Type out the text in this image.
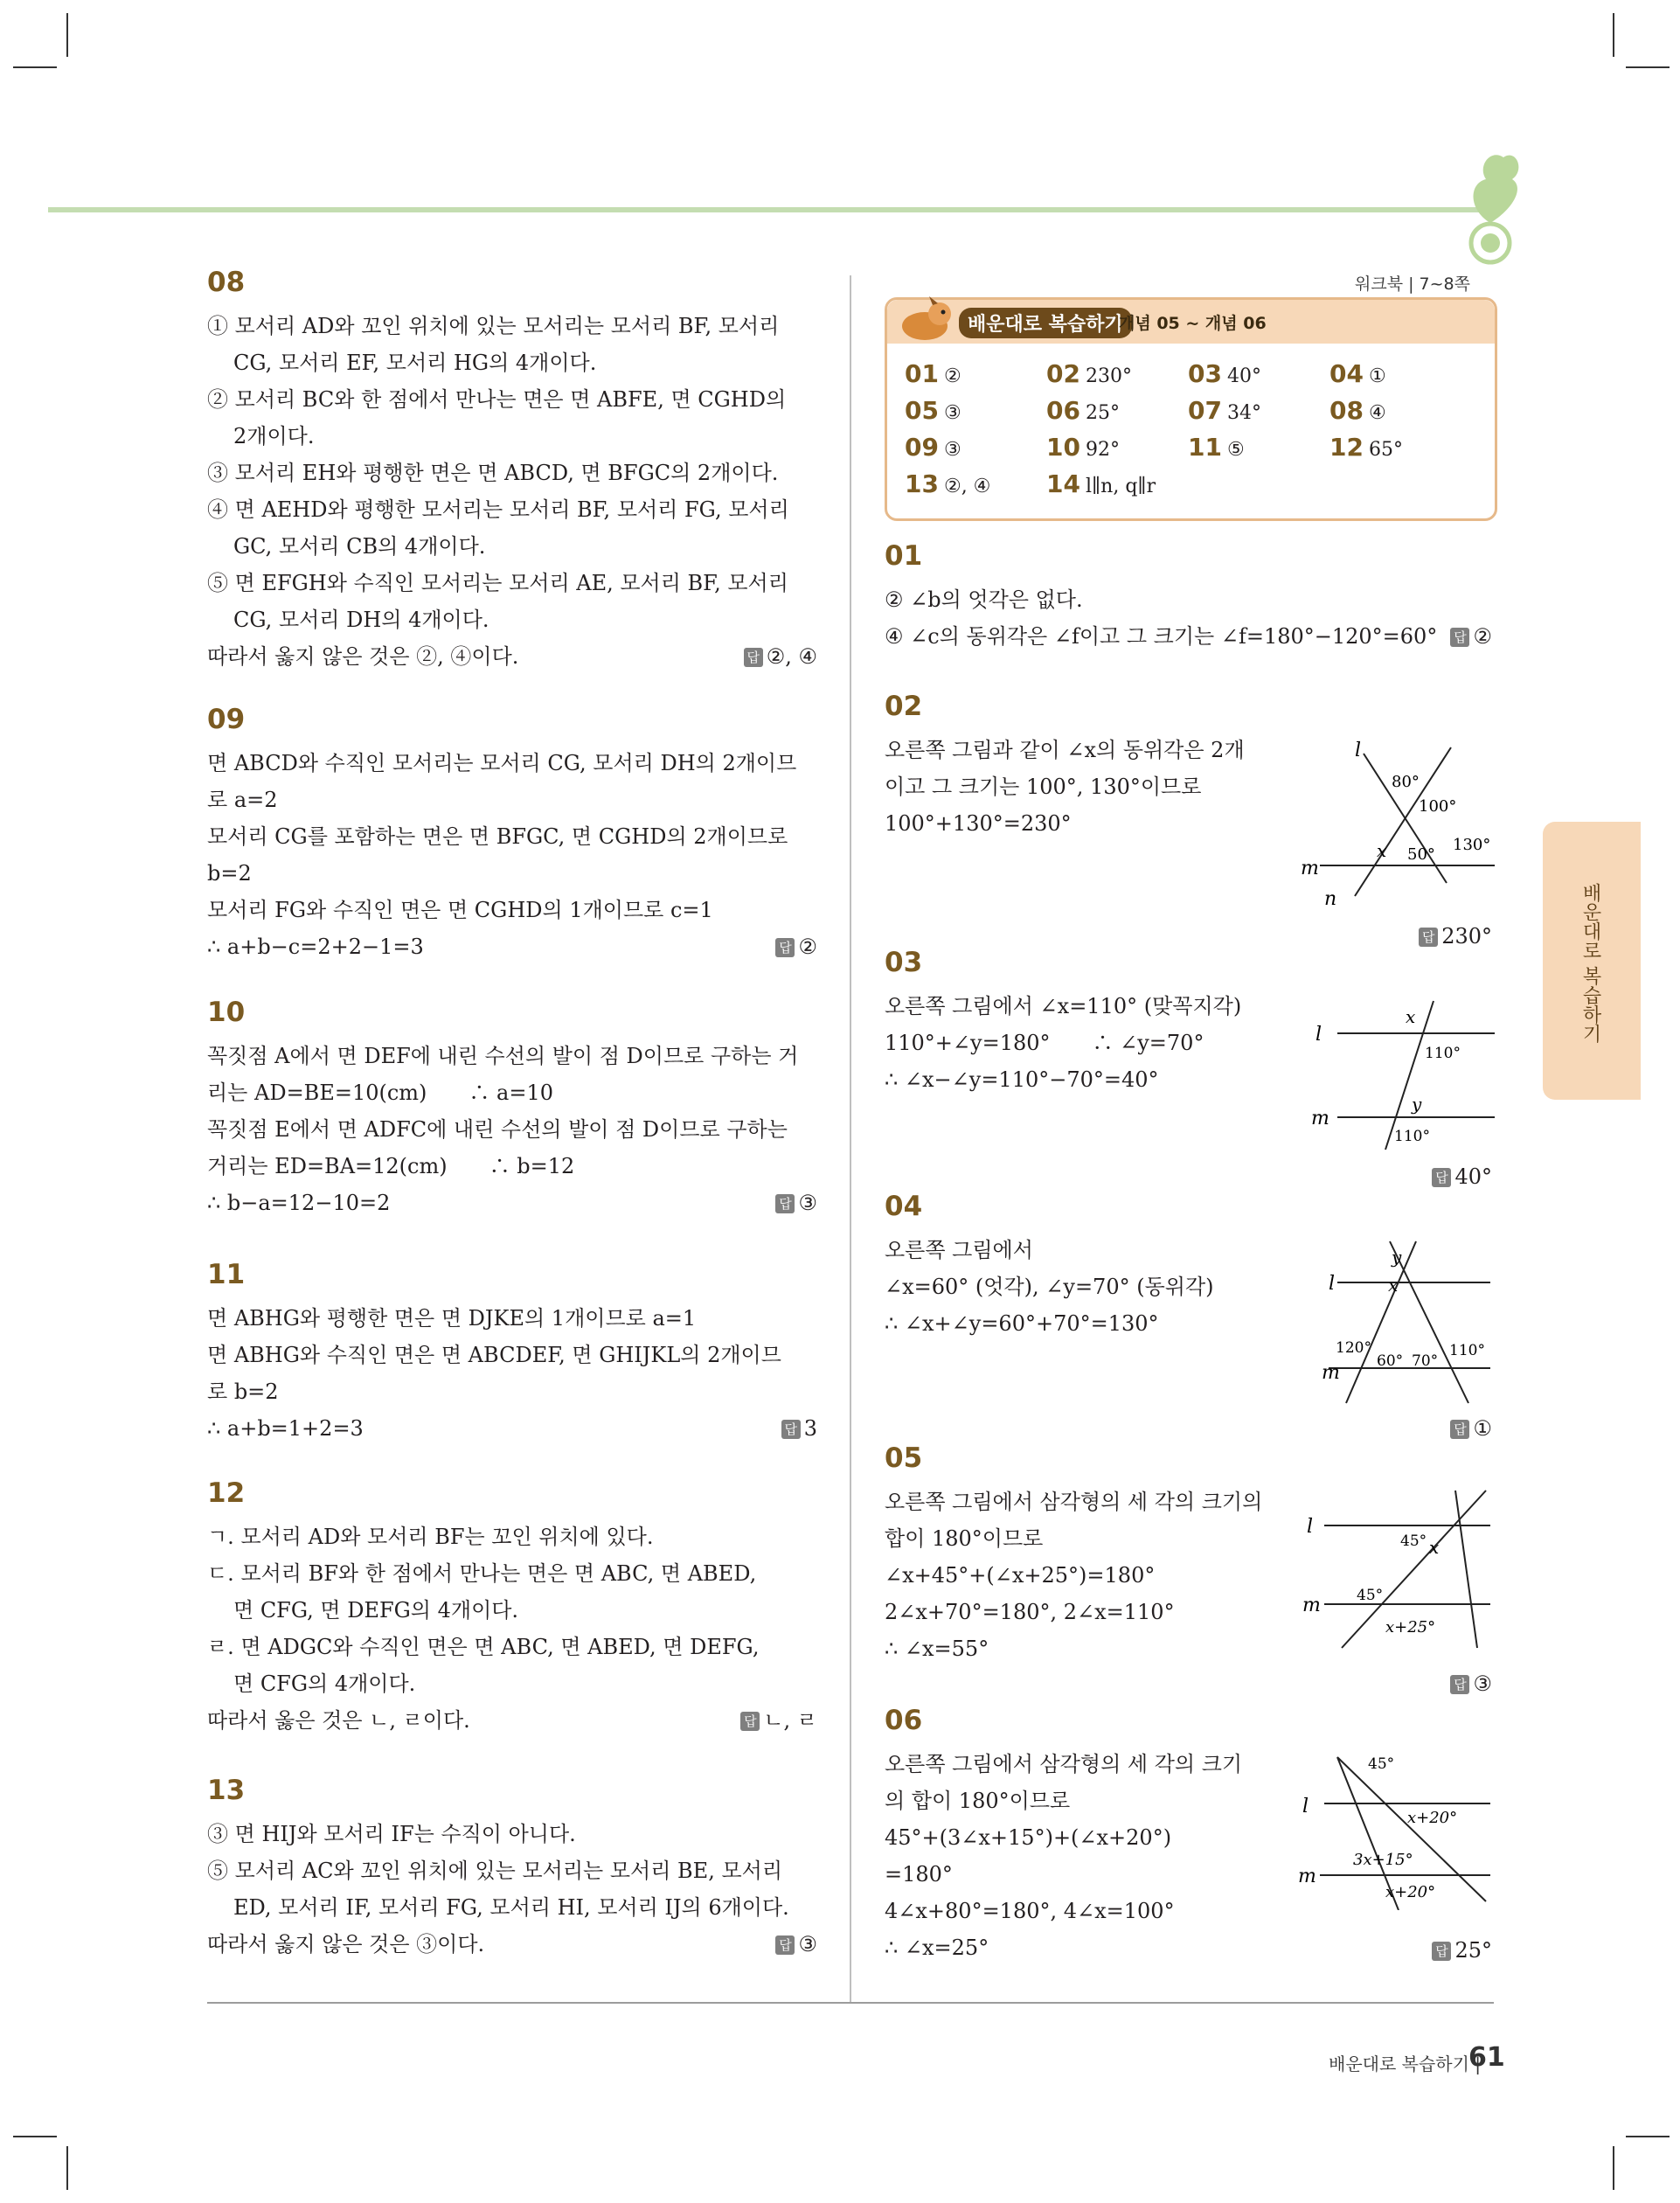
워크북 | 7~8쪽
08
① 모서리 AD와 꼬인 위치에 있는 모서리는 모서리 BF, 모서리
CG, 모서리 EF, 모서리 HG의 4개이다.
② 모서리 BC와 한 점에서 만나는 면은 면 ABFE, 면 CGHD의
2개이다.
③ 모서리 EH와 평행한 면은 면 ABCD, 면 BFGC의 2개이다.
④ 면 AEHD와 평행한 모서리는 모서리 BF, 모서리 FG, 모서리
GC, 모서리 CB의 4개이다.
⑤ 면 EFGH와 수직인 모서리는 모서리 AE, 모서리 BF, 모서리
CG, 모서리 DH의 4개이다.
따라서 옳지 않은 것은 ②, ④이다.	답 ②, ④
09
면 ABCD와 수직인 모서리는 모서리 CG, 모서리 DH의 2개이므
로 a=2
모서리 CG를 포함하는 면은 면 BFGC, 면 CGHD의 2개이므로
b=2
모서리 FG와 수직인 면은 면 CGHD의 1개이므로 c=1
∴ a+b−c=2+2−1=3	답 ②
10
꼭짓점 A에서 면 DEF에 내린 수선의 발이 점 D이므로 구하는 거
리는 AD=BE=10(cm)　　∴ a=10
꼭짓점 E에서 면 ADFC에 내린 수선의 발이 점 D이므로 구하는
거리는 ED=BA=12(cm)　　∴ b=12
∴ b−a=12−10=2	답 ③
11
면 ABHG와 평행한 면은 면 DJKE의 1개이므로 a=1
면 ABHG와 수직인 면은 면 ABCDEF, 면 GHIJKL의 2개이므
로 b=2
∴ a+b=1+2=3	답 3
12
ㄱ. 모서리 AD와 모서리 BF는 꼬인 위치에 있다.
ㄷ. 모서리 BF와 한 점에서 만나는 면은 면 ABC, 면 ABED,
면 CFG, 면 DEFG의 4개이다.
ㄹ. 면 ADGC와 수직인 면은 면 ABC, 면 ABED, 면 DEFG,
면 CFG의 4개이다.
따라서 옳은 것은 ㄴ, ㄹ이다.	답 ㄴ, ㄹ
13
③ 면 HIJ와 모서리 IF는 수직이 아니다.
⑤ 모서리 AC와 꼬인 위치에 있는 모서리는 모서리 BE, 모서리
ED, 모서리 IF, 모서리 FG, 모서리 HI, 모서리 IJ의 6개이다.
따라서 옳지 않은 것은 ③이다.	답 ③
배운대로 복습하기
개념 05 ~ 개념 06
01 ②	02 230° 03 40°	04 ①
05 ③	06 25°	07 34°	08 ④
09 ③	10 92°	11 ⑤	12 65°
13 ②, ④ 14 l∥n, q∥r
01
② ∠b의 엇각은 없다.
④ ∠c의 동위각은 ∠f이고 그 크기는 ∠f=180°−120°=60° 답 ②
02
오른쪽 그림과 같이 ∠x의 동위각은 2개
이고 그 크기는 100°, 130°이므로
100°+130°=230°
답 230°
03
오른쪽 그림에서 ∠x=110° (맞꼭지각)
110°+∠y=180°　　∴ ∠y=70°
∴ ∠x−∠y=110°−70°=40°
답 40°
04
오른쪽 그림에서
∠x=60° (엇각), ∠y=70° (동위각)
∴ ∠x+∠y=60°+70°=130°
답 ①
05
오른쪽 그림에서 삼각형의 세 각의 크기의
합이 180°이므로
∠x+45°+(∠x+25°)=180°
2∠x+70°=180°, 2∠x=110°
∴ ∠x=55°
답 ③
06
오른쪽 그림에서 삼각형의 세 각의 크기
의 합이 180°이므로
45°+(3∠x+15°)+(∠x+20°)
=180°
4∠x+80°=180°, 4∠x=100°
∴ ∠x=25°	답 25°
l
m
n
80°
100°
130°
50°
x
l
m
x
y
110°
110°
l
m
y
x
120°
60° 70°
110°
l
m
45°
45°
x
x+25°
l
m
45°
x+20°
3x+15°
x+20°
배운대로 복습하기
배운대로 복습하기 |
61
